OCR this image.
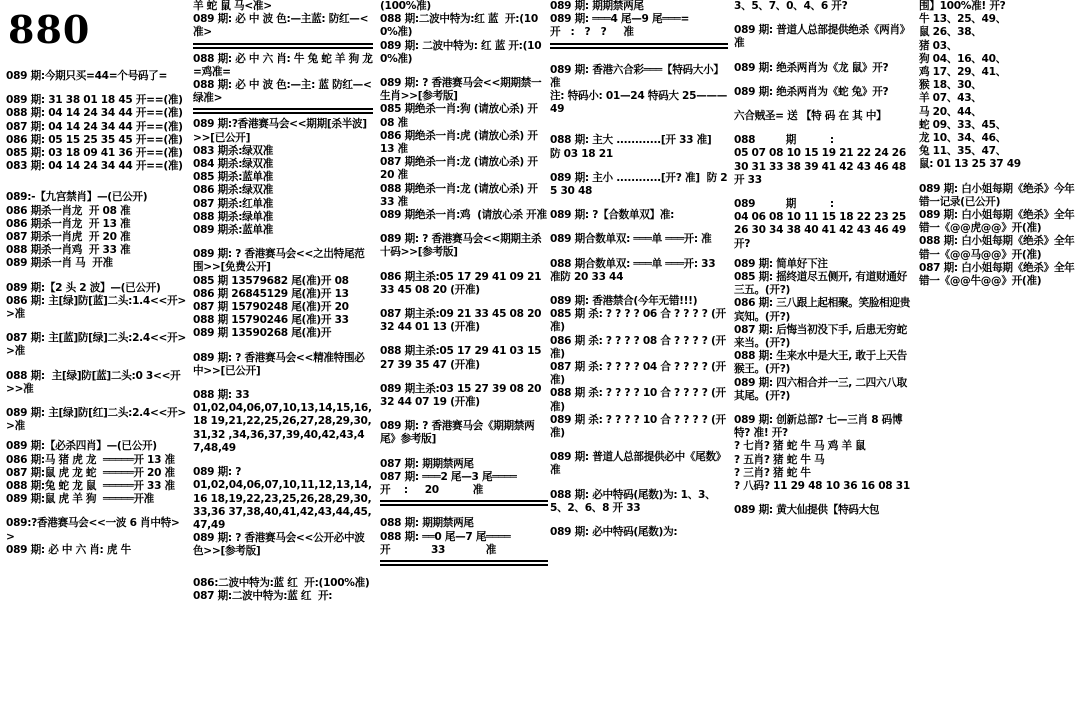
880
089 期:今期只买=44=个号码了=
089 期: 31 38 01 18 45 开==(准)
088 期: 04 14 24 34 44 开==(准)
087 期: 04 14 24 34 44 开==(准)
086 期: 05 15 25 35 45 开==(准)
085 期: 03 18 09 41 36 开==(准)
083 期: 04 14 24 34 44 开==(准)
089:-【九宫禁肖】—(已公开)
086 期杀一肖龙  开 08 准
086 期杀一肖龙  开 13 准
087 期杀一肖虎  开 20 准
088 期杀一肖鸡  开 33 准
089 期杀一肖 马  开准
089 期:【2 头 2 波】—(已公开)
086 期: 主[绿]防[蓝]二头:1.4<<开>>准
087 期: 主[蓝]防[绿]二头:2.4<<开>>准
088 期:  主[绿]防[蓝]二头:0 3<<开>>准
089 期: 主[绿]防[红]二头:2.4<<开>>准
089 期:【必杀四肖】—(已公开)
086 期:马 猪 虎 龙  ═════开 13 准
087 期:鼠 虎 龙 蛇  ═════开 20 准
088 期:兔 蛇 龙 鼠  ═════开 33 准
089 期:鼠 虎 羊 狗  ═════开准
089:?香港赛马会<<一波 6 肖中特>>
089 期: 必 中 六 肖: 虎 牛
羊 蛇 鼠 马<准>
089 期: 必 中 波 色:—主蓝: 防红—<准>
088 期: 必 中 六 肖: 牛 兔 蛇 羊 狗 龙=鸡准=
088 期: 必 中 波 色:—主: 蓝 防红—<绿准>
089 期:?香港赛马会<<期期[杀半波]>>[已公开]
083 期杀:绿双准
084 期杀:绿双准
085 期杀:蓝单准
086 期杀:绿双准
087 期杀:红单准
088 期杀:绿单准
089 期杀:蓝单准
089 期: ? 香港赛马会<<之岀特尾范围>>[免费公开]
085 期 13579682 尾(准)开 08
086 期 26845129 尾(准)开 13
087 期 15790248 尾(准)开 20
088 期 15790246 尾(准)开 33
089 期 13590268 尾(准)开
089 期: ? 香港赛马会<<精准特围必中>>[已公开]
088 期: 33
01,02,04,06,07,10,13,14,15,16,18 19,21,22,25,26,27,28,29,30,31,32 ,34,36,37,39,40,42,43,47,48,49
089 期: ?
01,02,04,06,07,10,11,12,13,14,16 18,19,22,23,25,26,28,29,30,33,36 37,38,40,41,42,43,44,45,47,49
089 期: ? 香港赛马会<<公开必中波色>>[参考版]
086:二波中特为:蓝 红  开:(100%准)
087 期:二波中特为:蓝 红  开:
(100%准)
088 期:二波中特为:红 蓝  开:(100%准)
089 期: 二波中特为: 红 蓝 开:(100%准)
089 期: ? 香港赛马会<<期期禁一生肖>>[参考版]
085 期绝杀一肖:狗 (请放心杀) 开 08 准
086 期绝杀一肖:虎 (请放心杀) 开 13 准
087 期绝杀一肖:龙 (请放心杀) 开 20 准
088 期绝杀一肖:龙 (请放心杀) 开 33 准
089 期绝杀一肖:鸡  (请放心杀 开准
089 期: ? 香港赛马会<<期期主杀十码>>[参考版]
086 期主杀:05 17 29 41 09 21 33 45 08 20 (开准)
087 期主杀:09 21 33 45 08 20 32 44 01 13 (开准)
088 期主杀:05 17 29 41 03 15 27 39 35 47 (开准)
089 期主杀:03 15 27 39 08 20 32 44 07 19 (开准)
089 期: ? 香港赛马会《期期禁两尾》参考版]
087 期: 期期禁两尾
087 期: ═══2 尾—3 尾════
开    :     20          准
088 期: 期期禁两尾
088 期: ══0 尾—7 尾════
开            33            准
089 期: 期期禁两尾
089 期: ═══4 尾—9 尾═══=
开   :   ?   ?     准
089 期: 香港六合彩═══【特码大小】准
注: 特码小: 01—24 特码大 25———49
088 期: 主大 ............[开 33 准]  防 03 18 21
089 期: 主小 ............[开? 准]  防 25 30 48
089 期: ?【合数单双】准:
089 期合数单双: ═══单 ═══开: 准
088 期合数单双: ═══单 ═══开: 33 准防 20 33 44
089 期: 香港禁合(今年无错!!!)
085 期 杀: ? ? ? ? 06 合 ? ? ? ? (开准)
086 期 杀: ? ? ? ? 08 合 ? ? ? ? (开准)
087 期 杀: ? ? ? ? 04 合 ? ? ? ? (开准)
088 期 杀: ? ? ? ? 10 合 ? ? ? ? (开准)
089 期 杀: ? ? ? ? 10 合 ? ? ? ? (开准)
089 期: 普道人总部提供必中《尾数》准
088 期: 必中特码(尾数)为: 1、3、5、2、6、8 开 33
089 期: 必中特码(尾数)为:
3、5、7、0、4、6 开?
089 期: 普道人总部提供绝杀《两肖》准
089 期: 绝杀两肖为《龙 鼠》开?
089 期: 绝杀两肖为《蛇 兔》开?
六合贼圣= 送 【特 码 在 其 中】
088         期          :
05 07 08 10 15 19 21 22 24 26 30 31 33 38 39 41 42 43 46 48   开 33
089         期          :
04 06 08 10 11 15 18 22 23 25 26 30 34 38 40 41 42 43 46 49   开?
089 期: 简单好下注
085 期: 摇终道尽五侧开, 有道财通好三五。(开?)
086 期: 三八跟上起相聚。笑脸相迎贵宾知。(开?)
087 期: 后悔当初没下手, 后患无穷蛇来当。(开?)
088 期: 生来水中是大王, 敢于上天告猴王。(开?)
089 期: 四六相合并一三, 二四六八取其尾。(开?)
089 期: 创新总部? 七—三肖 8 码博特? 准! 开?
? 七肖? 猪 蛇 牛 马 鸡 羊 鼠
? 五肖? 猪 蛇 牛 马
? 三肖? 猪 蛇 牛
? 八码? 11 29 48 10 36 16 08 31
089 期: 黄大仙提供【特码大包
围】100%准! 开?
牛 13、25、49、
鼠 26、38、
猪 03、
狗 04、16、40、
鸡 17、29、41、
猴 18、30、
羊 07、43、
马 20、44、
蛇 09、33、45、
龙 10、34、46、
兔 11、35、47、
鼠: 01 13 25 37 49
089 期: 白小姐每期《绝杀》今年错一记录(已公开)
089 期: 白小姐每期《绝杀》全年错一《@@虎@@》开(准)
088 期: 白小姐每期《绝杀》全年错一《@@马@@》开(准)
087 期: 白小姐每期《绝杀》全年错一《@@牛@@》开(准)
